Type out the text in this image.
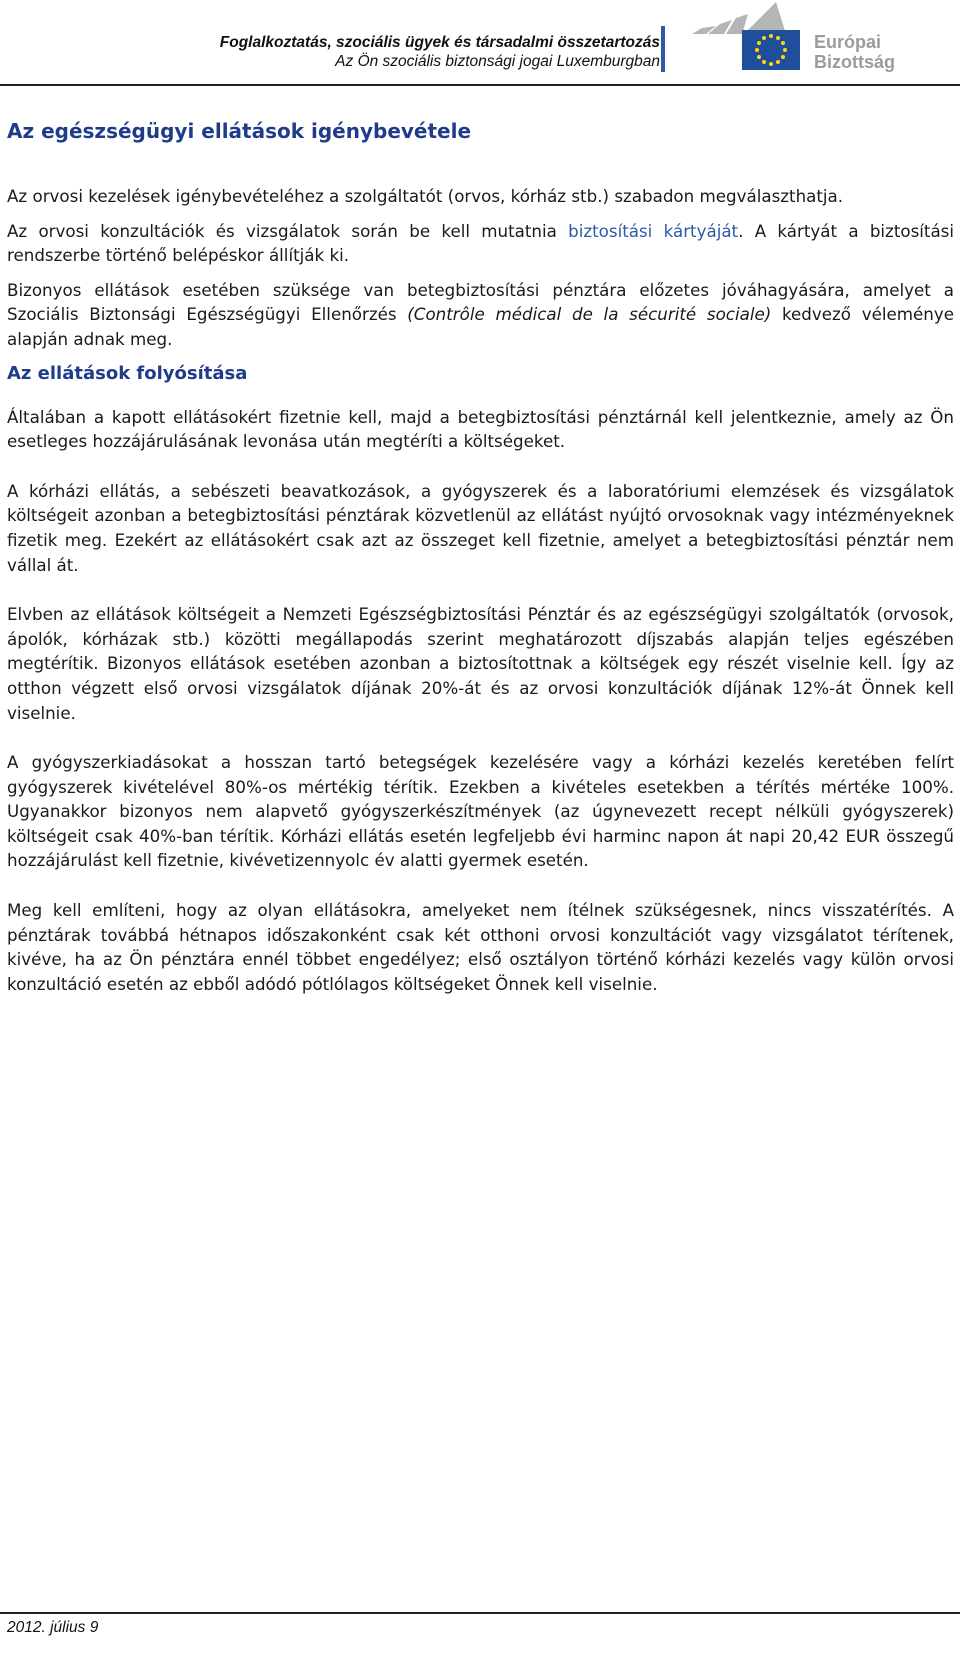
Foglalkoztatás, szociális ügyek és társadalmi összetartozás
Az Ön szociális biztonsági jogai Luxemburgban
Európai
Bizottság
Az egészségügyi ellátások igénybevétele
Az orvosi kezelések igénybevételéhez a szolgáltatót (orvos, kórház stb.) szabadon megválaszthatja.
Az orvosi konzultációk és vizsgálatok során be kell mutatnia biztosítási kártyáját. A kártyát a biztosítási rendszerbe történő belépéskor állítják ki.
Bizonyos ellátások esetében szüksége van betegbiztosítási pénztára előzetes jóváhagyására, amelyet a Szociális Biztonsági Egészségügyi Ellenőrzés (Contrôle médical de la sécurité sociale) kedvező véleménye alapján adnak meg.
Az ellátások folyósítása
Általában a kapott ellátásokért fizetnie kell, majd a betegbiztosítási pénztárnál kell jelentkeznie, amely az Ön esetleges hozzájárulásának levonása után megtéríti a költségeket.
A kórházi ellátás, a sebészeti beavatkozások, a gyógyszerek és a laboratóriumi elemzések és vizsgálatok költségeit azonban a betegbiztosítási pénztárak közvetlenül az ellátást nyújtó orvosoknak vagy intézményeknek fizetik meg. Ezekért az ellátásokért csak azt az összeget kell fizetnie, amelyet a betegbiztosítási pénztár nem vállal át.
Elvben az ellátások költségeit a Nemzeti Egészségbiztosítási Pénztár és az egészségügyi szolgáltatók (orvosok, ápolók, kórházak stb.) közötti megállapodás szerint meghatározott díjszabás alapján teljes egészében megtérítik. Bizonyos ellátások esetében azonban a biztosítottnak a költségek egy részét viselnie kell. Így az otthon végzett első orvosi vizsgálatok díjának 20%-át és az orvosi konzultációk díjának 12%-át Önnek kell viselnie.
A gyógyszerkiadásokat a hosszan tartó betegségek kezelésére vagy a kórházi kezelés keretében felírt gyógyszerek kivételével 80%-os mértékig térítik. Ezekben a kivételes esetekben a térítés mértéke 100%. Ugyanakkor bizonyos nem alapvető gyógyszerkészítmények (az úgynevezett recept nélküli gyógyszerek) költségeit csak 40%-ban térítik. Kórházi ellátás esetén legfeljebb évi harminc napon át napi 20,42 EUR összegű hozzájárulást kell fizetnie, kivévetizennyolc év alatti gyermek esetén.
Meg kell említeni, hogy az olyan ellátásokra, amelyeket nem ítélnek szükségesnek, nincs visszatérítés. A pénztárak továbbá hétnapos időszakonként csak két otthoni orvosi konzultációt vagy vizsgálatot térítenek, kivéve, ha az Ön pénztára ennél többet engedélyez; első osztályon történő kórházi kezelés vagy külön orvosi konzultáció esetén az ebből adódó pótlólagos költségeket Önnek kell viselnie.
2012. július 9
